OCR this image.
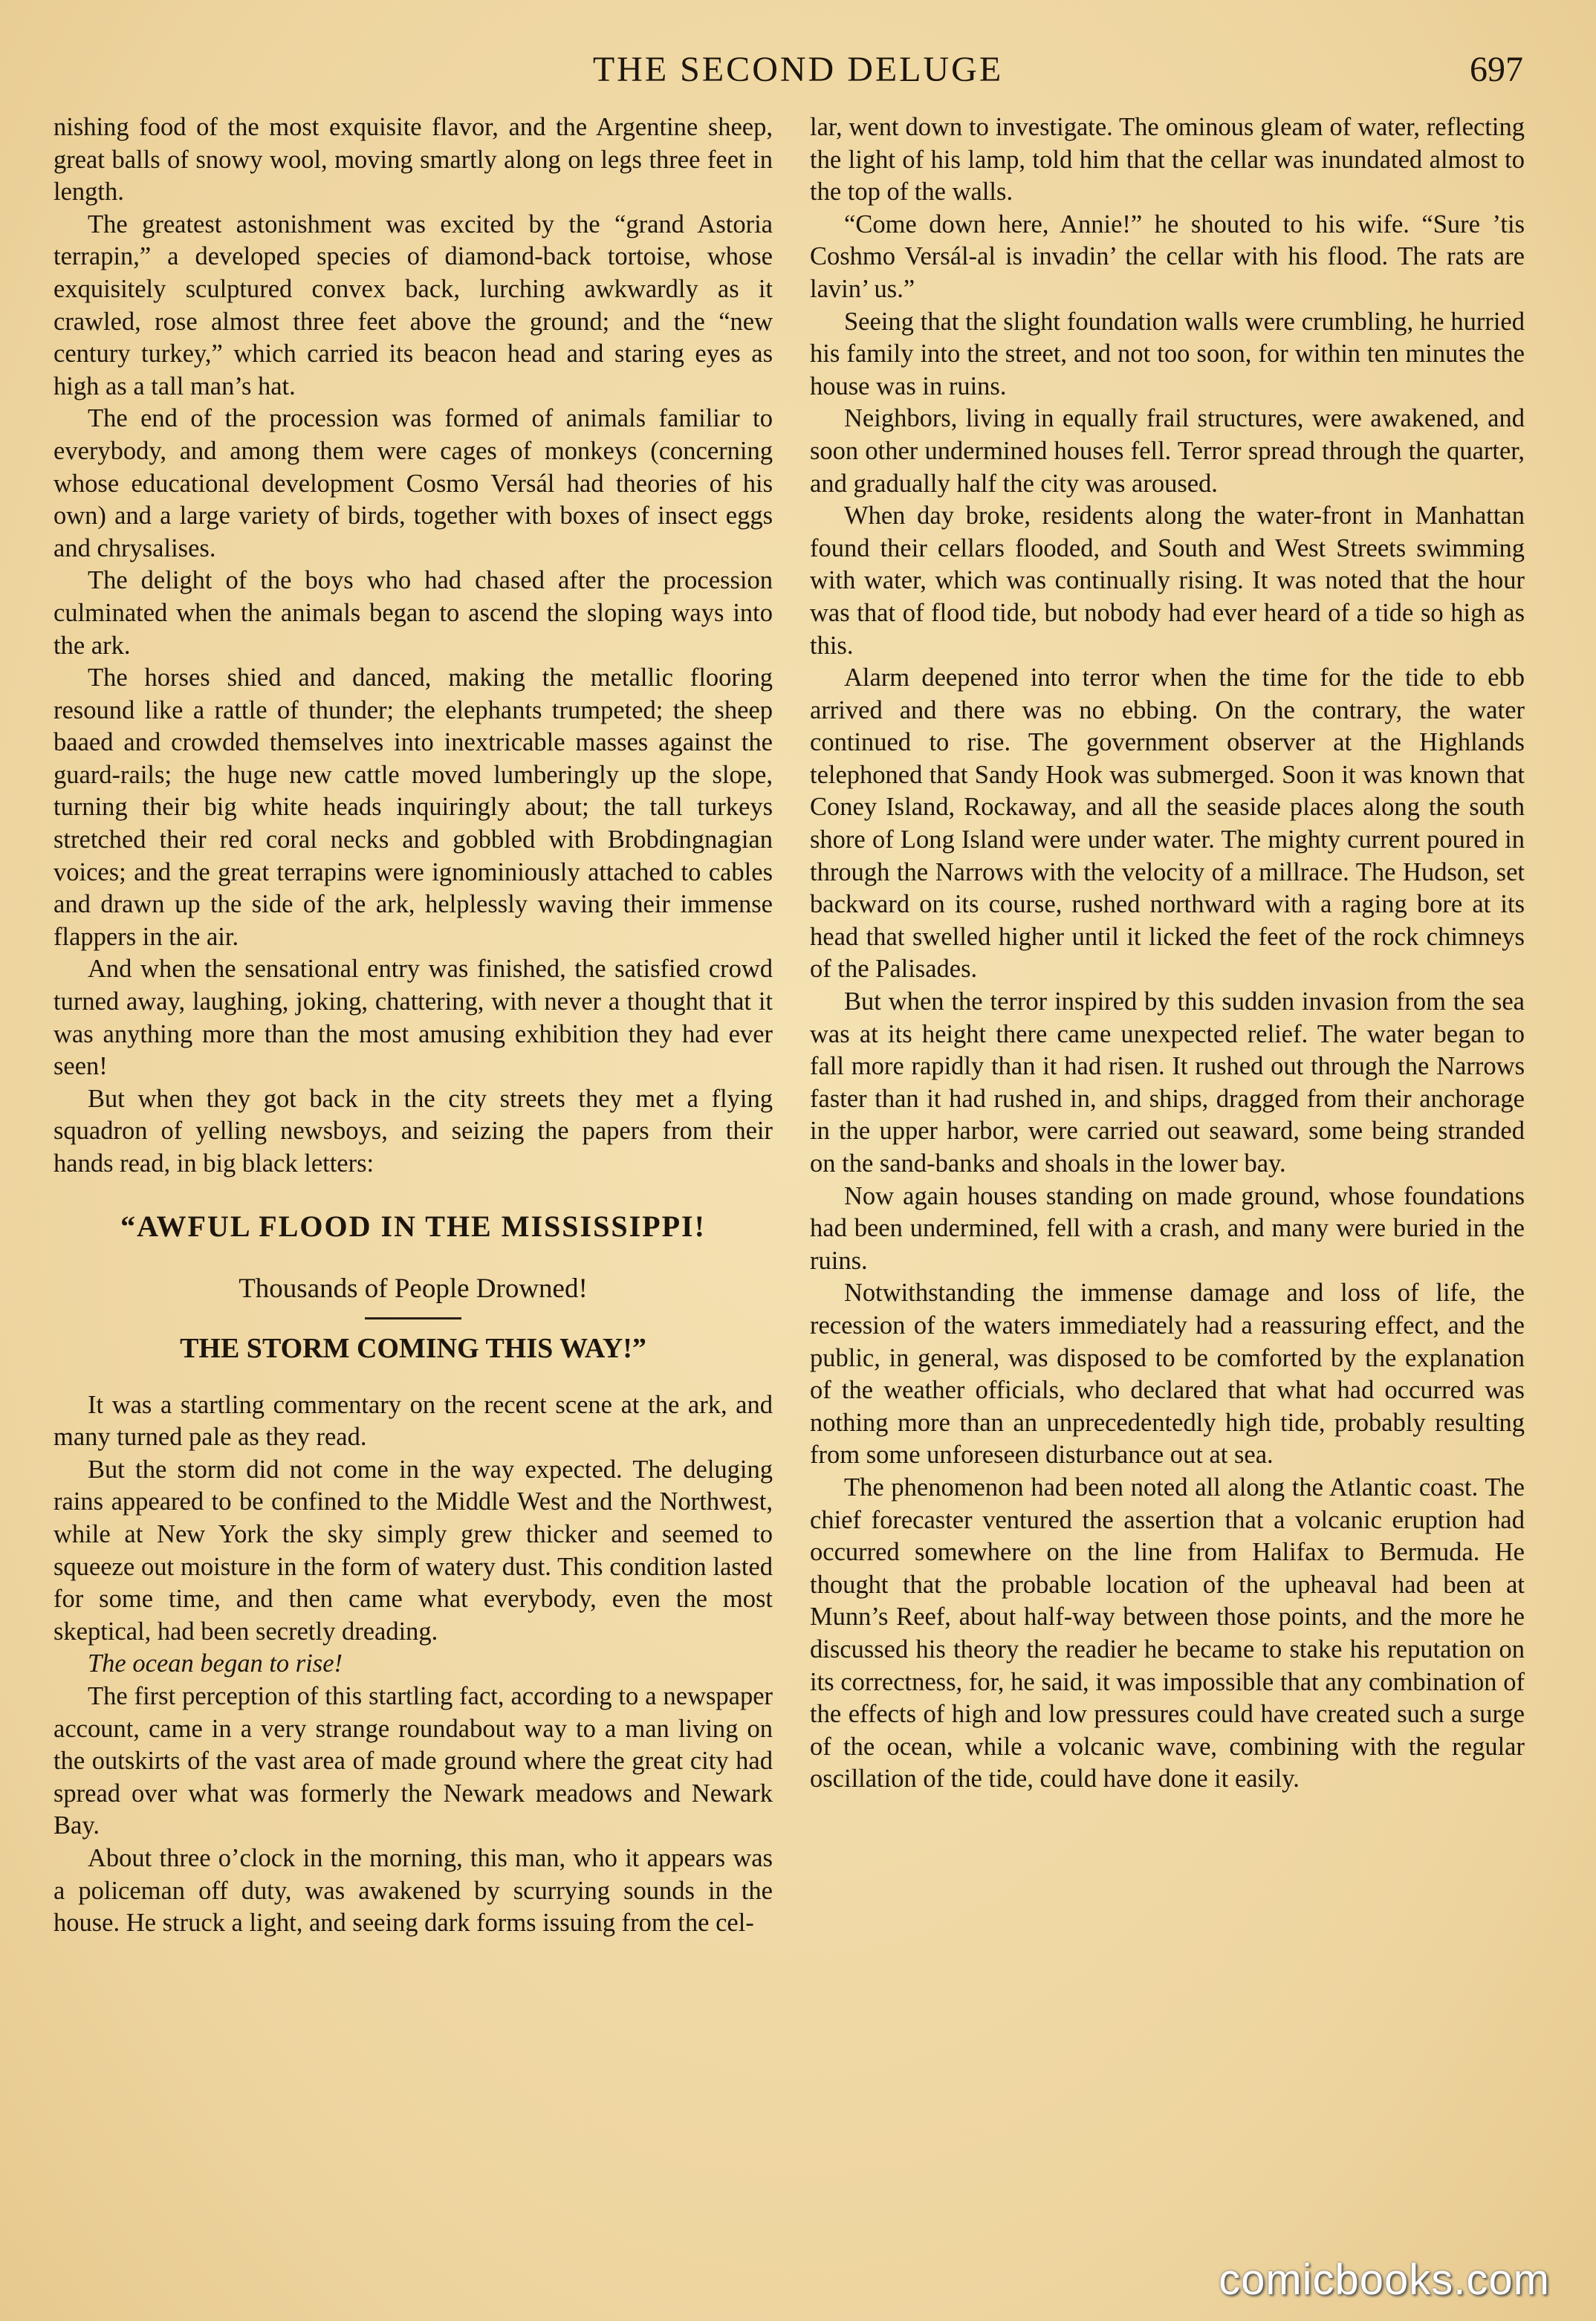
THE SECOND DELUGE	697

nishing food of the most exquisite flavor, and the Argentine sheep, great balls of snowy wool, moving smartly along on legs three feet in length.

The greatest astonishment was excited by the “grand Astoria terrapin,” a developed species of diamond-back tortoise, whose exquisitely sculptured convex back, lurching awkwardly as it crawled, rose almost three feet above the ground; and the “new century turkey,” which carried its beacon head and staring eyes as high as a tall man’s hat.

The end of the procession was formed of animals familiar to everybody, and among them were cages of monkeys (concerning whose educational development Cosmo Versál had theories of his own) and a large variety of birds, together with boxes of insect eggs and chrysalises.

The delight of the boys who had chased after the procession culminated when the animals began to ascend the sloping ways into the ark.

The horses shied and danced, making the metallic flooring resound like a rattle of thunder; the elephants trumpeted; the sheep baaed and crowded themselves into inextricable masses against the guard-rails; the huge new cattle moved lumberingly up the slope, turning their big white heads inquiringly about; the tall turkeys stretched their red coral necks and gobbled with Brobdingnagian voices; and the great terrapins were ignominiously attached to cables and drawn up the side of the ark, helplessly waving their immense flappers in the air.

And when the sensational entry was finished, the satisfied crowd turned away, laughing, joking, chattering, with never a thought that it was anything more than the most amusing exhibition they had ever seen!

But when they got back in the city streets they met a flying squadron of yelling newsboys, and seizing the papers from their hands read, in big black letters:

“AWFUL FLOOD IN THE MISSISSIPPI!
Thousands of People Drowned!
THE STORM COMING THIS WAY!”

It was a startling commentary on the recent scene at the ark, and many turned pale as they read.

But the storm did not come in the way expected. The deluging rains appeared to be confined to the Middle West and the Northwest, while at New York the sky simply grew thicker and seemed to squeeze out moisture in the form of watery dust. This condition lasted for some time, and then came what everybody, even the most skeptical, had been secretly dreading.

The ocean began to rise!

The first perception of this startling fact, according to a newspaper account, came in a very strange roundabout way to a man living on the outskirts of the vast area of made ground where the great city had spread over what was formerly the Newark meadows and Newark Bay.

About three o’clock in the morning, this man, who it appears was a policeman off duty, was awakened by scurrying sounds in the house. He struck a light, and seeing dark forms issuing from the cel-

lar, went down to investigate. The ominous gleam of water, reflecting the light of his lamp, told him that the cellar was inundated almost to the top of the walls.

“Come down here, Annie!” he shouted to his wife. “Sure ’tis Coshmo Versál-al is invadin’ the cellar with his flood. The rats are lavin’ us.”

Seeing that the slight foundation walls were crumbling, he hurried his family into the street, and not too soon, for within ten minutes the house was in ruins.

Neighbors, living in equally frail structures, were awakened, and soon other undermined houses fell. Terror spread through the quarter, and gradually half the city was aroused.

When day broke, residents along the water-front in Manhattan found their cellars flooded, and South and West Streets swimming with water, which was continually rising. It was noted that the hour was that of flood tide, but nobody had ever heard of a tide so high as this.

Alarm deepened into terror when the time for the tide to ebb arrived and there was no ebbing. On the contrary, the water continued to rise. The government observer at the Highlands telephoned that Sandy Hook was submerged. Soon it was known that Coney Island, Rockaway, and all the seaside places along the south shore of Long Island were under water. The mighty current poured in through the Narrows with the velocity of a millrace. The Hudson, set backward on its course, rushed northward with a raging bore at its head that swelled higher until it licked the feet of the rock chimneys of the Palisades.

But when the terror inspired by this sudden invasion from the sea was at its height there came unexpected relief. The water began to fall more rapidly than it had risen. It rushed out through the Narrows faster than it had rushed in, and ships, dragged from their anchorage in the upper harbor, were carried out seaward, some being stranded on the sand-banks and shoals in the lower bay.

Now again houses standing on made ground, whose foundations had been undermined, fell with a crash, and many were buried in the ruins.

Notwithstanding the immense damage and loss of life, the recession of the waters immediately had a reassuring effect, and the public, in general, was disposed to be comforted by the explanation of the weather officials, who declared that what had occurred was nothing more than an unprecedentedly high tide, probably resulting from some unforeseen disturbance out at sea.

The phenomenon had been noted all along the Atlantic coast. The chief forecaster ventured the assertion that a volcanic eruption had occurred somewhere on the line from Halifax to Bermuda. He thought that the probable location of the upheaval had been at Munn’s Reef, about half-way between those points, and the more he discussed his theory the readier he became to stake his reputation on its correctness, for, he said, it was impossible that any combination of the effects of high and low pressures could have created such a surge of the ocean, while a volcanic wave, combining with the regular oscillation of the tide, could have done it easily.

comicbooks.com
